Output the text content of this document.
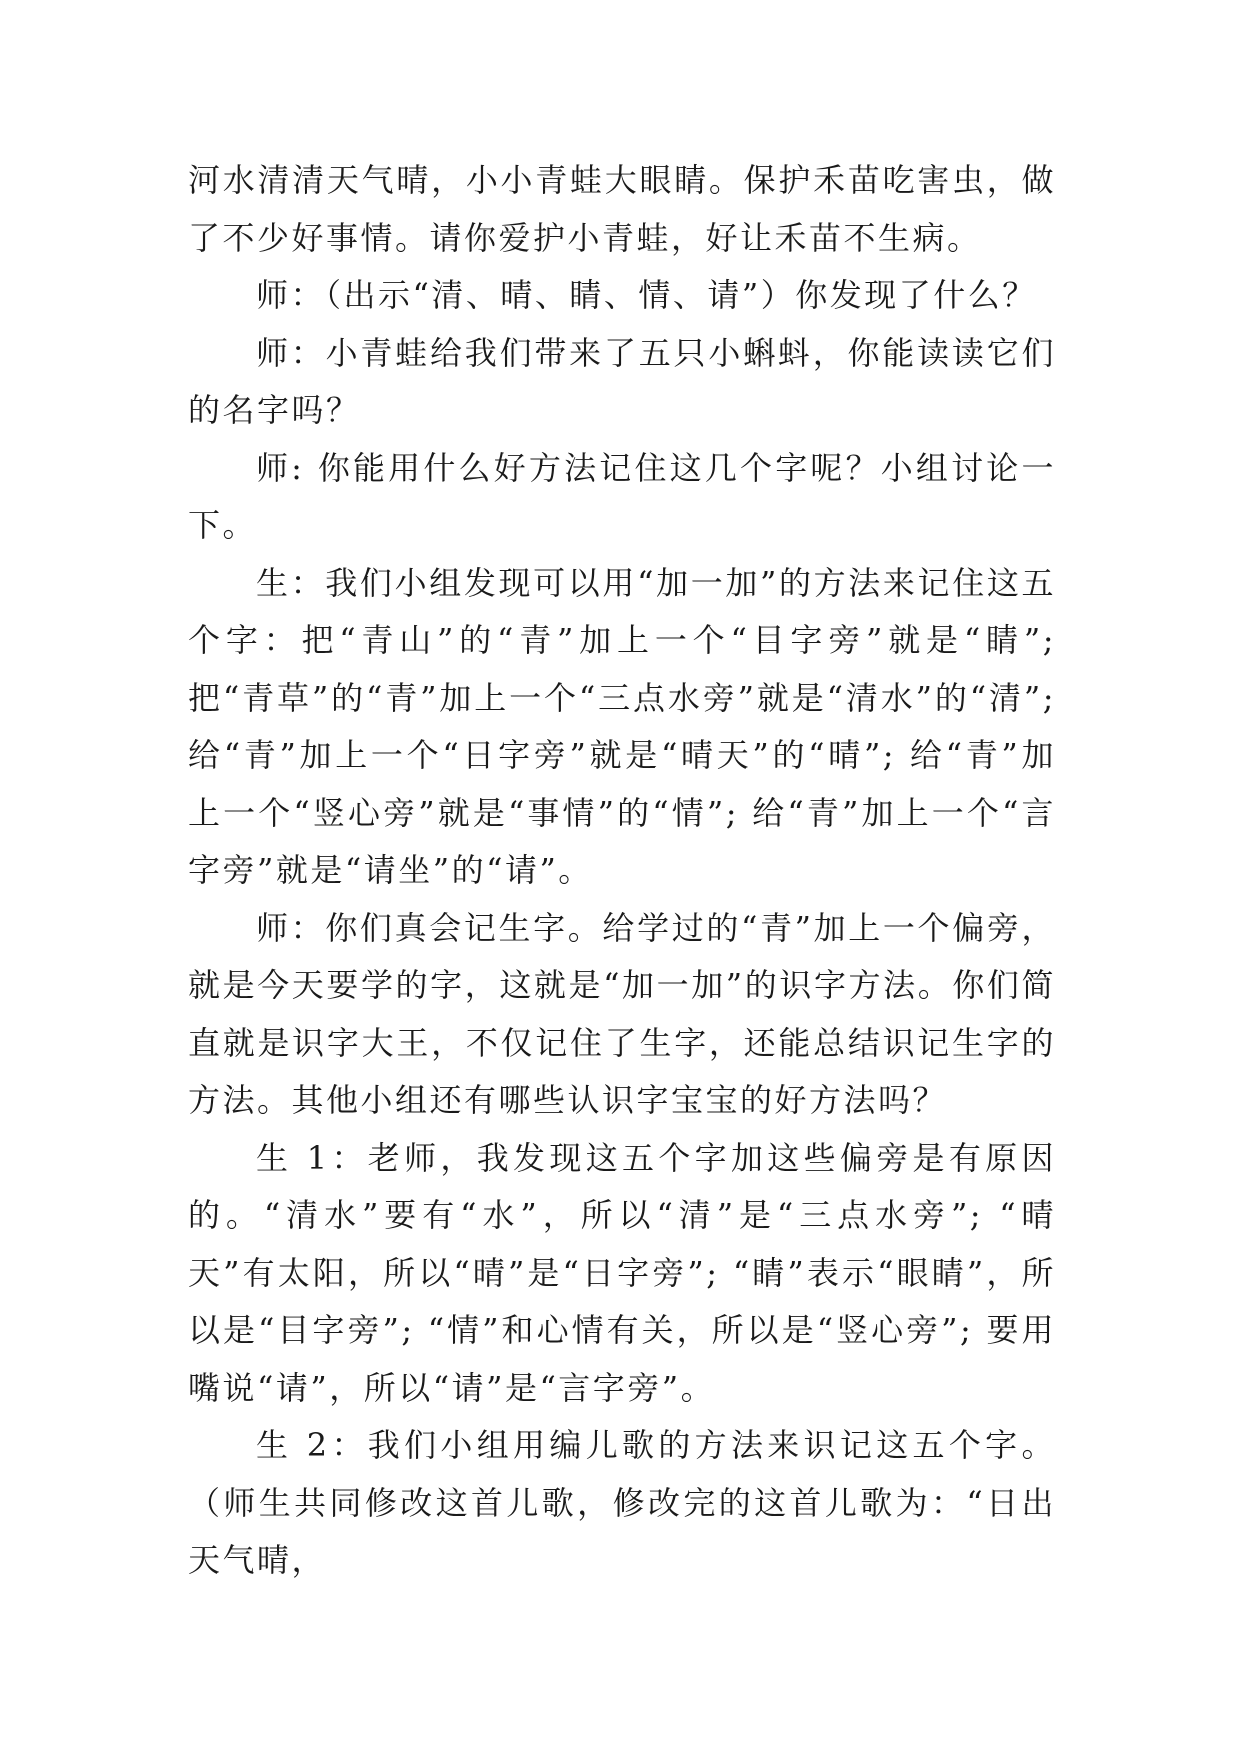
河水清清天气晴，小小青蛙大眼睛。保护禾苗吃害虫，做了不少好事情。请你爱护小青蛙，好让禾苗不生病。

师：（出示“清、晴、睛、情、请”）你发现了什么？

师：小青蛙给我们带来了五只小蝌蚪，你能读读它们的名字吗？

师: 你能用什么好方法记住这几个字呢？小组讨论一下。

生：我们小组发现可以用“加一加”的方法来记住这五个字：把“青山”的“青”加上一个“目字旁”就是“睛”; 把“青草”的“青”加上一个“三点水旁”就是“清水”的“清”; 给“青”加上一个“日字旁”就是“晴天”的“晴”; 给“青”加上一个“竖心旁”就是“事情”的“情”; 给“青”加上一个“言字旁”就是“请坐”的“请”。

师：你们真会记生字。给学过的“青”加上一个偏旁，就是今天要学的字，这就是“加一加”的识字方法。你们简直就是识字大王，不仅记住了生字，还能总结识记生字的方法。其他小组还有哪些认识字宝宝的好方法吗？

生 1：老师，我发现这五个字加这些偏旁是有原因的。“清水”要有“水”，所以“清”是“三点水旁”; “晴天”有太阳，所以“晴”是“日字旁”; “睛”表示“眼睛”，所以是“目字旁”; “情”和心情有关，所以是“竖心旁”; 要用嘴说“请”，所以“请”是“言字旁”。

生 2：我们小组用编儿歌的方法来识记这五个字。（师生共同修改这首儿歌，修改完的这首儿歌为：“日出天气晴，
